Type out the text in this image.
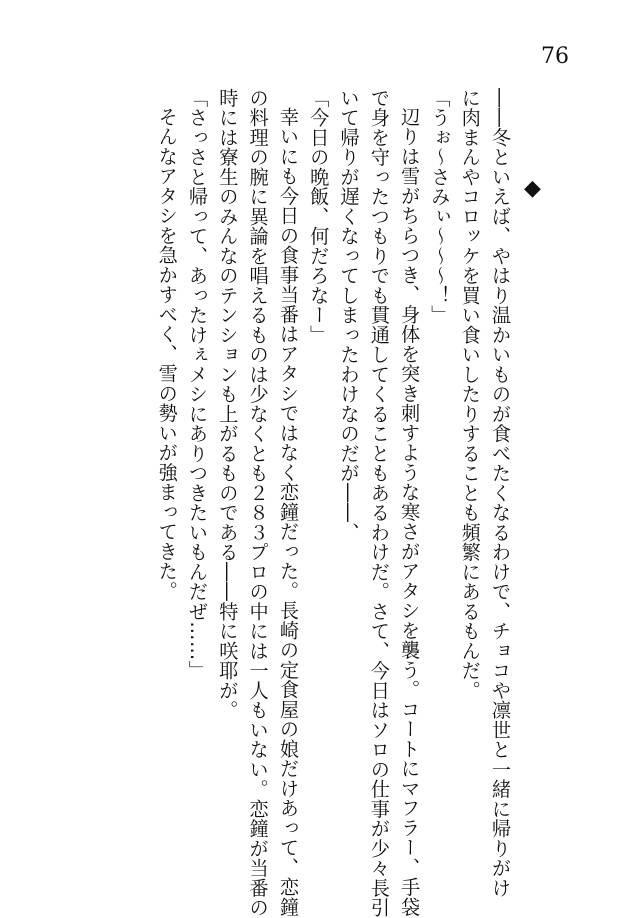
76
◆

――冬といえば、やはり温かいものが食べたくなるわけで、チョコや凛世と一緒に帰りがけ

に肉まんやコロッケを買い食いしたりすることも頻繁にあるもんだ。

「うぉ～さみぃ～～～！」

辺りは雪がちらつき、身体を突き刺すような寒さがアタシを襲う。コートにマフラー、手袋

で身を守ったつもりでも貫通してくることもあるわけだ。さて、今日はソロの仕事が少々長引

いて帰りが遅くなってしまったわけなのだが――、

「今日の晩飯、何だろなー」

幸いにも今日の食事当番はアタシではなく恋鐘だった。長崎の定食屋の娘だけあって、恋鐘

の料理の腕に異論を唱えるものは少なくとも２８３プロの中には一人もいない。恋鐘が当番の

時には寮生のみんなのテンションも上がるものである――特に咲耶が。

「さっさと帰って、あったけぇメシにありつきたいもんだぜ……」

そんなアタシを急かすべく、雪の勢いが強まってきた。
